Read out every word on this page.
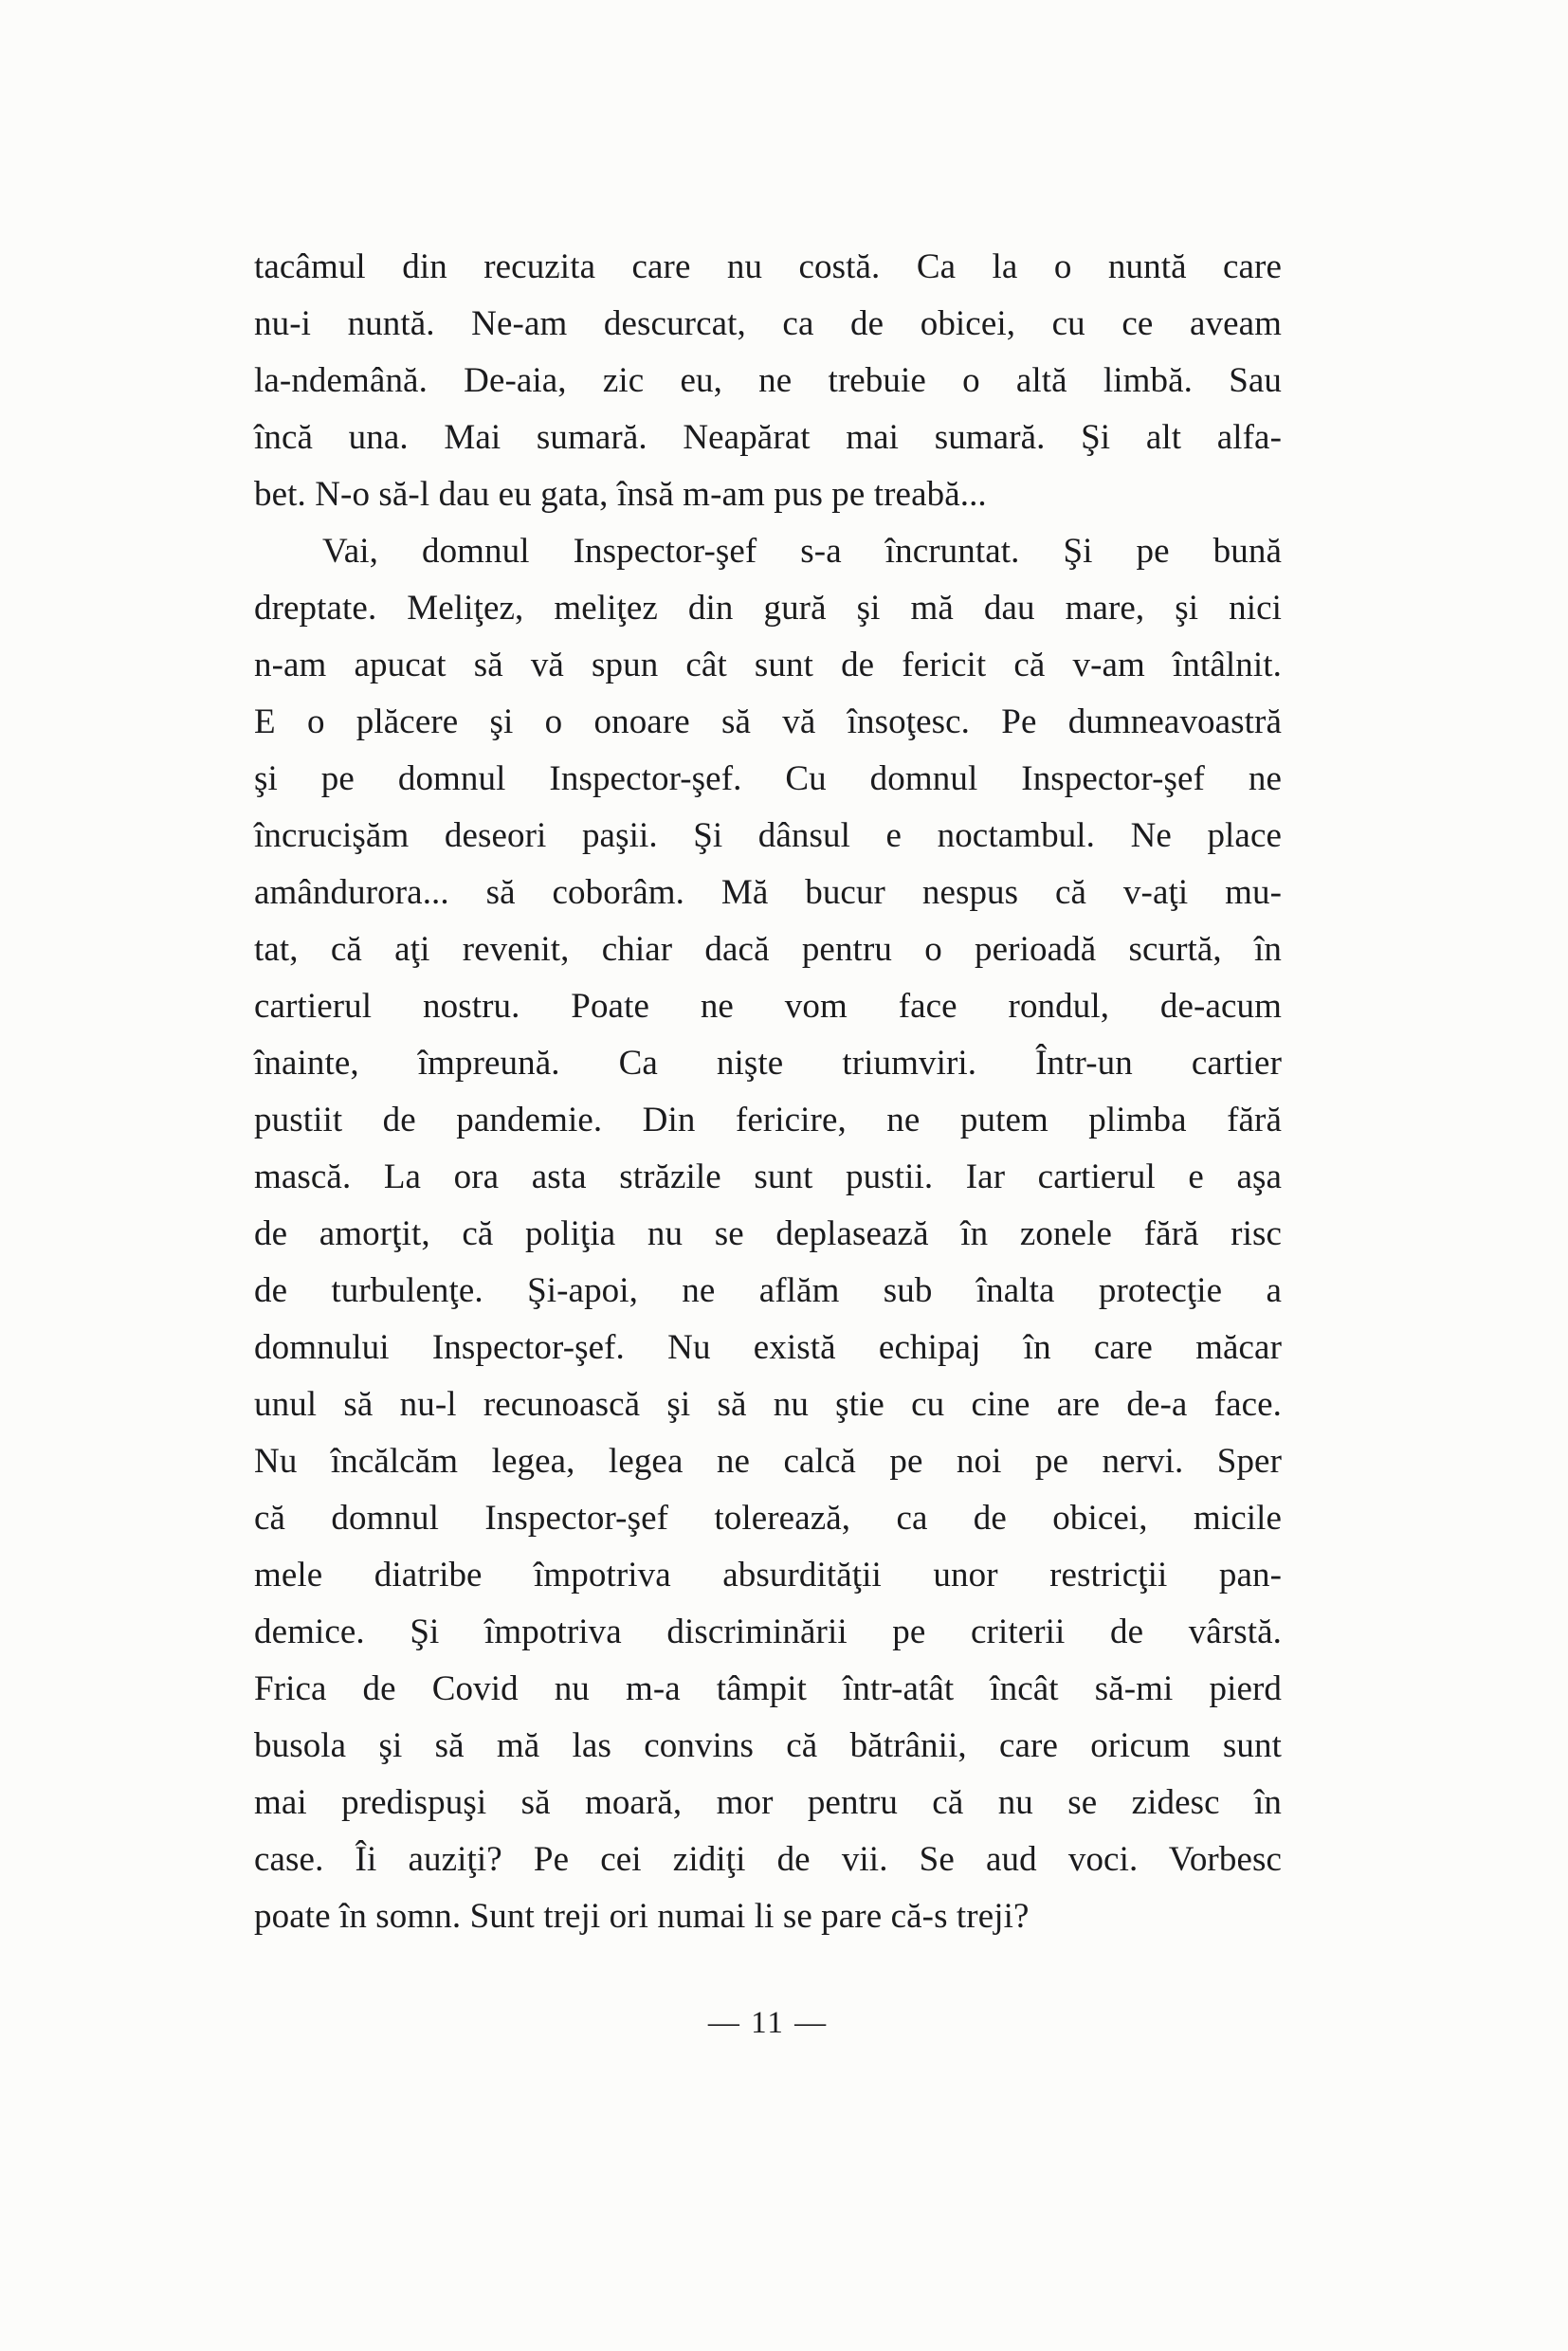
tacâmul din recuzita care nu costă. Ca la o nuntă care
nu-i nuntă. Ne-am descurcat, ca de obicei, cu ce aveam
la-ndemână. De-aia, zic eu, ne trebuie o altă limbă. Sau
încă una. Mai sumară. Neapărat mai sumară. Şi alt alfa-
bet. N-o să-l dau eu gata, însă m-am pus pe treabă...
Vai, domnul Inspector-şef s-a încruntat. Şi pe bună
dreptate. Meliţez, meliţez din gură şi mă dau mare, şi nici
n-am apucat să vă spun cât sunt de fericit că v-am întâlnit.
E o plăcere şi o onoare să vă însoţesc. Pe dumneavoastră
şi pe domnul Inspector-şef. Cu domnul Inspector-şef ne
încrucişăm deseori paşii. Şi dânsul e noctambul. Ne place
amândurora... să coborâm. Mă bucur nespus că v-aţi mu-
tat, că aţi revenit, chiar dacă pentru o perioadă scurtă, în
cartierul nostru. Poate ne vom face rondul, de-acum
înainte, împreună. Ca nişte triumviri. Într-un cartier
pustiit de pandemie. Din fericire, ne putem plimba fără
mască. La ora asta străzile sunt pustii. Iar cartierul e aşa
de amorţit, că poliţia nu se deplasează în zonele fără risc
de turbulenţe. Şi-apoi, ne aflăm sub înalta protecţie a
domnului Inspector-şef. Nu există echipaj în care măcar
unul să nu-l recunoască şi să nu ştie cu cine are de-a face.
Nu încălcăm legea, legea ne calcă pe noi pe nervi. Sper
că domnul Inspector-şef tolerează, ca de obicei, micile
mele diatribe împotriva absurdităţii unor restricţii pan-
demice. Şi împotriva discriminării pe criterii de vârstă.
Frica de Covid nu m-a tâmpit într-atât încât să-mi pierd
busola şi să mă las convins că bătrânii, care oricum sunt
mai predispuşi să moară, mor pentru că nu se zidesc în
case. Îi auziţi? Pe cei zidiţi de vii. Se aud voci. Vorbesc
poate în somn. Sunt treji ori numai li se pare că-s treji?
— 11 —
